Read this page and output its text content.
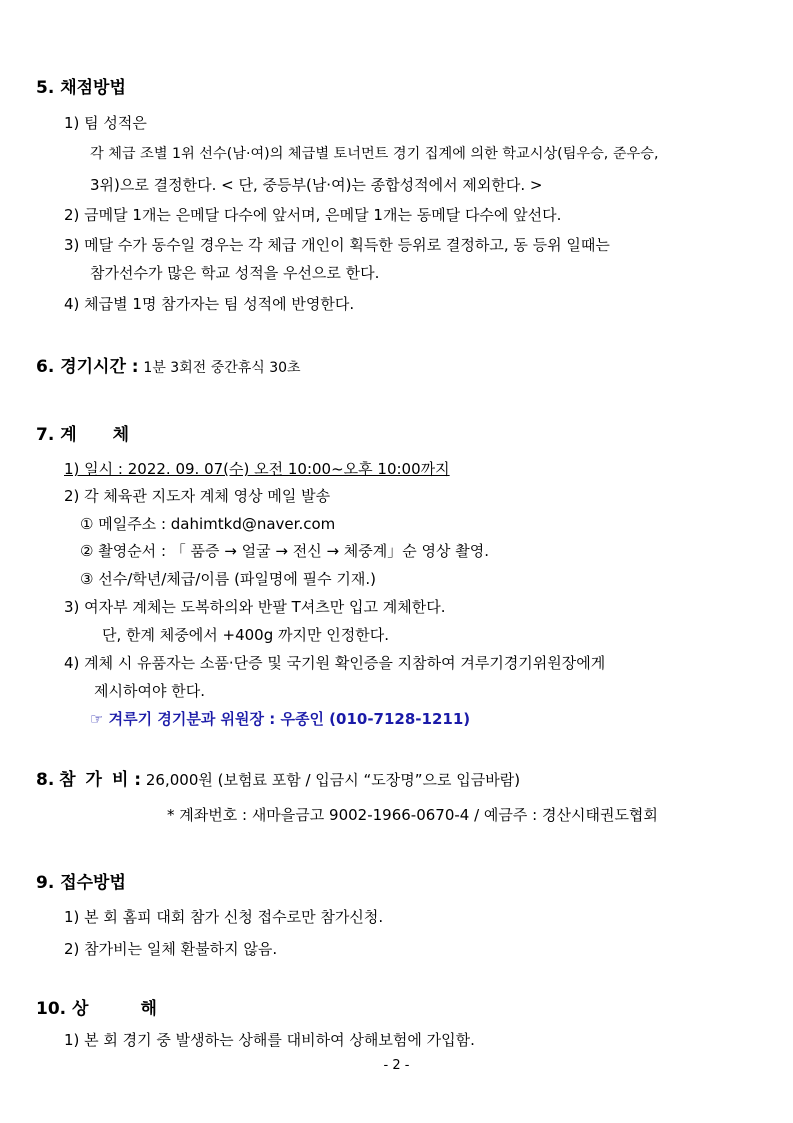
5. 채점방법
1) 팀 성적은
각 체급 조별 1위 선수(남·여)의 체급별 토너먼트 경기 집계에 의한 학교시상(팀우승, 준우승,
3위)으로 결정한다. < 단, 중등부(남·여)는 종합성적에서 제외한다. >
2) 금메달 1개는 은메달 다수에 앞서며, 은메달 1개는 동메달 다수에 앞선다.
3) 메달 수가 동수일 경우는 각 체급 개인이 획득한 등위로 결정하고, 동 등위 일때는
참가선수가 많은 학교 성적을 우선으로 한다.
4) 체급별 1명 참가자는 팀 성적에 반영한다.
6. 경기시간 : 1분 3회전 중간휴식 30초
7. 계 체
1) 일시 : 2022. 09. 07(수) 오전 10:00~오후 10:00까지
2) 각 체육관 지도자 계체 영상 메일 발송
① 메일주소 : dahimtkd@naver.com
② 촬영순서 : 「 품증 → 얼굴 → 전신 → 체중계」순 영상 촬영.
③ 선수/학년/체급/이름 (파일명에 필수 기재.)
3) 여자부 계체는 도복하의와 반팔 T셔츠만 입고 계체한다.
단, 한계 체중에서 +400g 까지만 인정한다.
4) 계체 시 유품자는 소품·단증 및 국기원 확인증을 지참하여 겨루기경기위원장에게
제시하여야 한다.
☞ 겨루기 경기분과 위원장 : 우종인 (010-7128-1211)
8. 참 가 비 : 26,000원 (보험료 포함 / 입금시 “도장명”으로 입금바람)
* 계좌번호 : 새마을금고 9002-1966-0670-4 / 예금주 : 경산시태권도협회
9. 접수방법
1) 본 회 홈피 대회 참가 신청 접수로만 참가신청.
2) 참가비는 일체 환불하지 않음.
10. 상	해
1) 본 회 경기 중 발생하는 상해를 대비하여 상해보험에 가입함.
- 2 -
